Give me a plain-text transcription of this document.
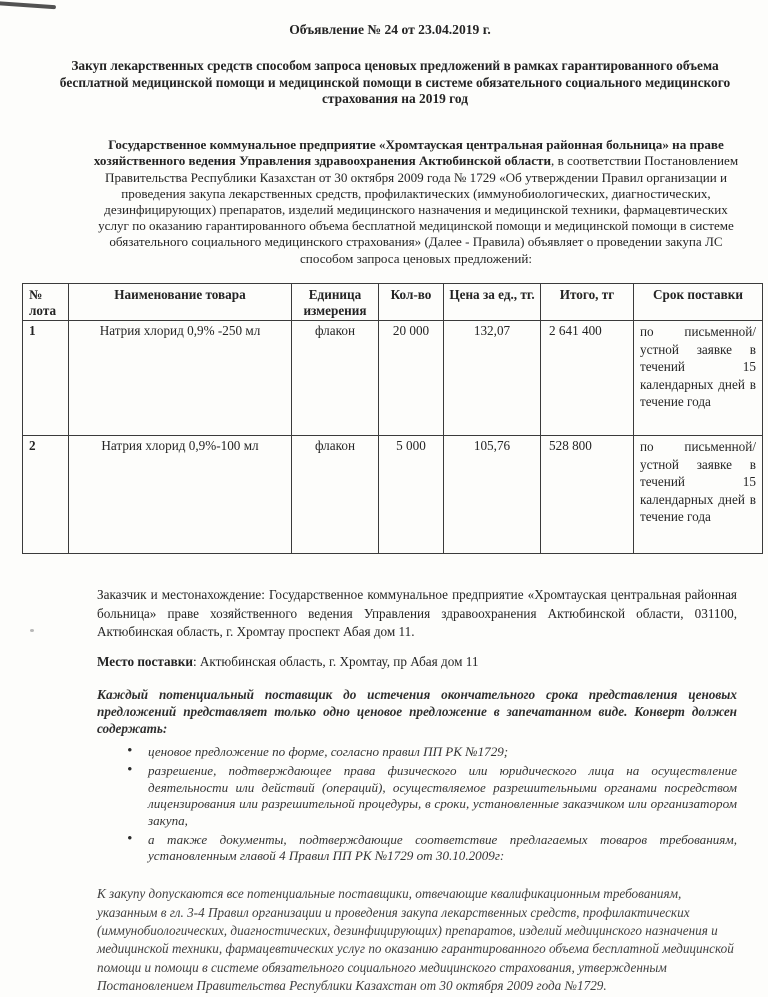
Объявление № 24 от 23.04.2019 г.
Закуп лекарственных средств способом запроса ценовых предложений в рамках гарантированного объема бесплатной медицинской помощи и медицинской помощи в системе обязательного социального медицинского страхования на 2019 год

Государственное коммунальное предприятие «Хромтауская центральная районная больница» на праве хозяйственного ведения Управления здравоохранения Актюбинской области, в соответствии Постановлением Правительства Республики Казахстан от 30 октября 2009 года № 1729 «Об утверждении Правил организации и проведения закупа лекарственных средств, профилактических (иммунобиологических, диагностических, дезинфицирующих) препаратов, изделий медицинского назначения и медицинской техники, фармацевтических услуг по оказанию гарантированного объема бесплатной медицинской помощи и медицинской помощи в системе обязательного социального медицинского страхования» (Далее - Правила) объявляет о проведении закупа ЛС способом запроса ценовых предложений:

№ лота	Наименование товара	Единица измерения	Кол-во	Цена за ед., тг.	Итого, тг	Срок поставки
1	Натрия хлорид 0,9% -250 мл	флакон	20 000	132,07	2 641 400	по письменной/устной заявке в течений 15 календарных дней в течение года
2	Натрия хлорид 0,9%-100 мл	флакон	5 000	105,76	528 800	по письменной/устной заявке в течений 15 календарных дней в течение года

Заказчик и местонахождение: Государственное коммунальное предприятие «Хромтауская центральная районная больница» праве хозяйственного ведения Управления здравоохранения Актюбинской области, 031100, Актюбинская область, г. Хромтау проспект Абая дом 11.

Место поставки: Актюбинская область, г. Хромтау, пр Абая дом 11

Каждый потенциальный поставщик до истечения окончательного срока представления ценовых предложений представляет только одно ценовое предложение в запечатанном виде. Конверт должен содержать:

• ценовое предложение по форме, согласно правил ПП РК №1729;
• разрешение, подтверждающее права физического или юридического лица на осуществление деятельности или действий (операций), осуществляемое разрешительными органами посредством лицензирования или разрешительной процедуры, в сроки, установленные заказчиком или организатором закупа,
• а также документы, подтверждающие соответствие предлагаемых товаров требованиям, установленным главой 4 Правил ПП РК №1729 от 30.10.2009г:

К закупу допускаются все потенциальные поставщики, отвечающие квалификационным требованиям, указанным в гл. 3-4 Правил организации и проведения закупа лекарственных средств, профилактических (иммунобиологических, диагностических, дезинфицирующих) препаратов, изделий медицинского назначения и медицинской техники, фармацевтических услуг по оказанию гарантированного объема бесплатной медицинской помощи и помощи в системе обязательного социального медицинского страхования, утвержденным Постановлением Правительства Республики Казахстан от 30 октября 2009 года №1729.
